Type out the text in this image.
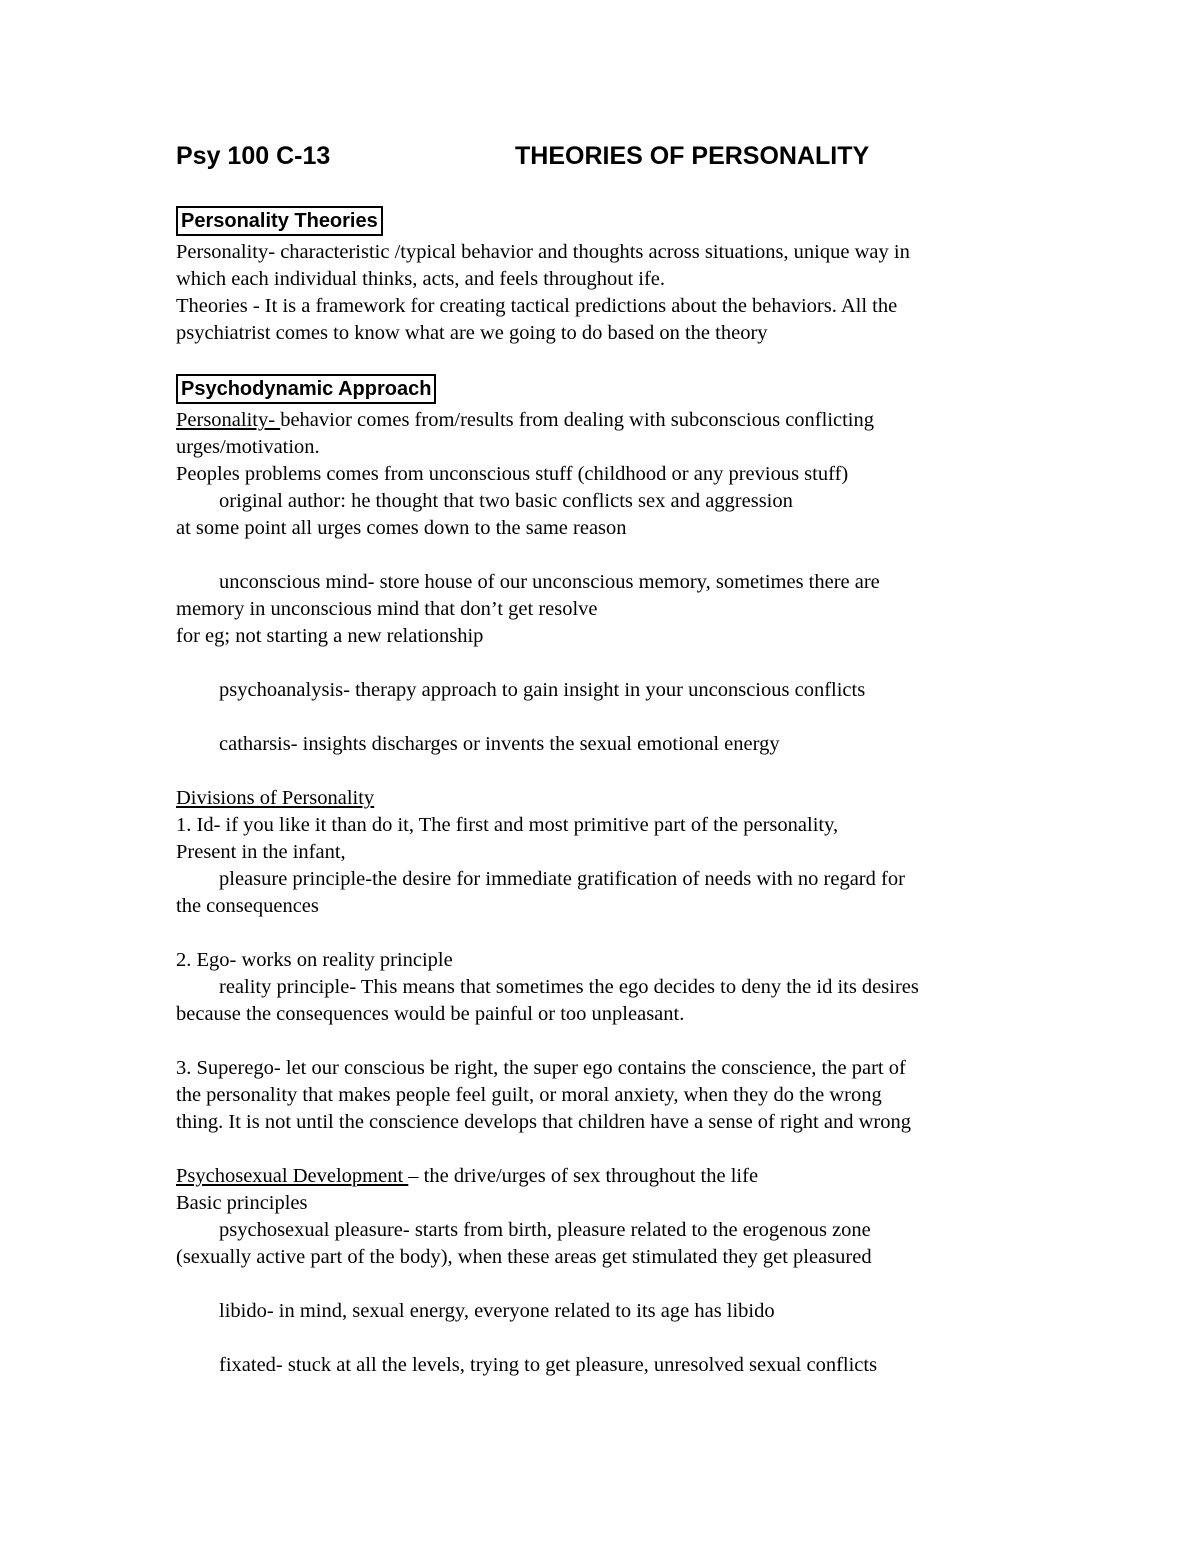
Psy 100 C-13	THEORIES OF PERSONALITY
Personality Theories
Psychodynamic Approach
Personality- characteristic /typical behavior and thoughts across situations, unique way in
which each individual thinks, acts, and feels throughout ife.
Theories - It is a framework for creating tactical predictions about the behaviors. All the
psychiatrist comes to know what are we going to do based on the theory
Personality- behavior comes from/results from dealing with subconscious conflicting
urges/motivation.
Peoples problems comes from unconscious stuff (childhood or any previous stuff)
original author: he thought that two basic conflicts sex and aggression
at some point all urges comes down to the same reason
unconscious mind- store house of our unconscious memory, sometimes there are
memory in unconscious mind that don’t get resolve
for eg; not starting a new relationship
psychoanalysis- therapy approach to gain insight in your unconscious conflicts
catharsis- insights discharges or invents the sexual emotional energy
Divisions of Personality
1. Id- if you like it than do it, The first and most primitive part of the personality,
Present in the infant,
pleasure principle-the desire for immediate gratification of needs with no regard for
the consequences
2. Ego- works on reality principle
reality principle- This means that sometimes the ego decides to deny the id its desires
because the consequences would be painful or too unpleasant.
3. Superego- let our conscious be right, the super ego contains the conscience, the part of
the personality that makes people feel guilt, or moral anxiety, when they do the wrong
thing. It is not until the conscience develops that children have a sense of right and wrong
Psychosexual Development – the drive/urges of sex throughout the life
Basic principles
psychosexual pleasure- starts from birth, pleasure related to the erogenous zone
(sexually active part of the body), when these areas get stimulated they get pleasured
libido- in mind, sexual energy, everyone related to its age has libido
fixated- stuck at all the levels, trying to get pleasure, unresolved sexual conflicts
